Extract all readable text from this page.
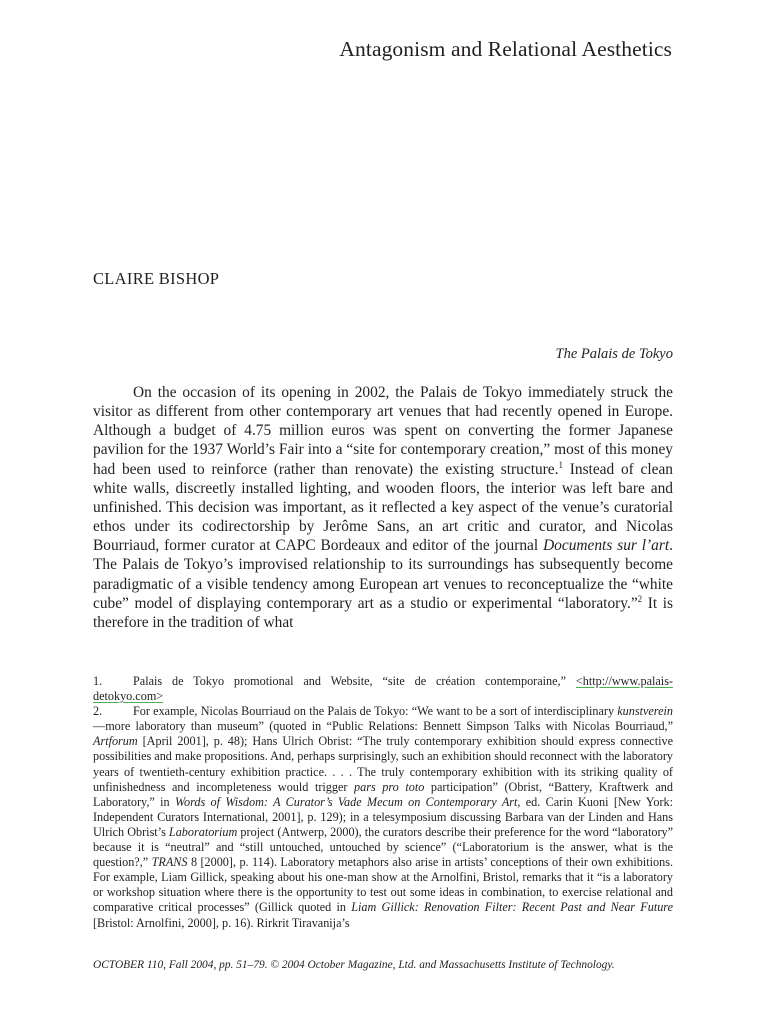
Antagonism and Relational Aesthetics
CLAIRE BISHOP
The Palais de Tokyo

On the occasion of its opening in 2002, the Palais de Tokyo immediately struck the visitor as different from other contemporary art venues that had recently opened in Europe. Although a budget of 4.75 million euros was spent on converting the former Japanese pavilion for the 1937 World’s Fair into a “site for contemporary creation,” most of this money had been used to reinforce (rather than renovate) the existing structure.$^1$ Instead of clean white walls, discreetly installed lighting, and wooden floors, the interior was left bare and unfinished. This decision was important, as it reflected a key aspect of the venue’s curatorial ethos under its codirectorship by Jerôme Sans, an art critic and curator, and Nicolas Bourriaud, former curator at CAPC Bordeaux and editor of the journal Documents sur l’art. The Palais de Tokyo’s improvised relationship to its surroundings has subsequently become paradigmatic of a visible tendency among European art venues to reconceptualize the “white cube” model of displaying contemporary art as a studio or experimental “laboratory.”$^2$ It is therefore in the tradition of what

1.	Palais de Tokyo promotional and Website, “site de création contemporaine,” <http://www.palais-detokyo.com>

2.	For example, Nicolas Bourriaud on the Palais de Tokyo: “We want to be a sort of interdisciplinary kunstverein—more laboratory than museum” (quoted in “Public Relations: Bennett Simpson Talks with Nicolas Bourriaud,” Artforum [April 2001], p. 48); Hans Ulrich Obrist: “The truly contemporary exhibition should express connective possibilities and make propositions. And, perhaps surprisingly, such an exhibition should reconnect with the laboratory years of twentieth-century exhibition practice. . . . The truly contemporary exhibition with its striking quality of unfinishedness and incompleteness would trigger pars pro toto participation” (Obrist, “Battery, Kraftwerk and Laboratory,” in Words of Wisdom: A Curator’s Vade Mecum on Contemporary Art, ed. Carin Kuoni [New York: Independent Curators International, 2001], p. 129); in a telesymposium discussing Barbara van der Linden and Hans Ulrich Obrist’s Laboratorium project (Antwerp, 2000), the curators describe their preference for the word “laboratory” because it is “neutral” and “still untouched, untouched by science” (“Laboratorium is the answer, what is the question?,” TRANS 8 [2000], p. 114). Laboratory metaphors also arise in artists’ conceptions of their own exhibitions. For example, Liam Gillick, speaking about his one-man show at the Arnolfini, Bristol, remarks that it “is a laboratory or workshop situation where there is the opportunity to test out some ideas in combination, to exercise relational and comparative critical processes” (Gillick quoted in Liam Gillick: Renovation Filter: Recent Past and Near Future [Bristol: Arnolfini, 2000], p. 16). Rirkrit Tiravanija’s

OCTOBER 110, Fall 2004, pp. 51–79. © 2004 October Magazine, Ltd. and Massachusetts Institute of Technology.
